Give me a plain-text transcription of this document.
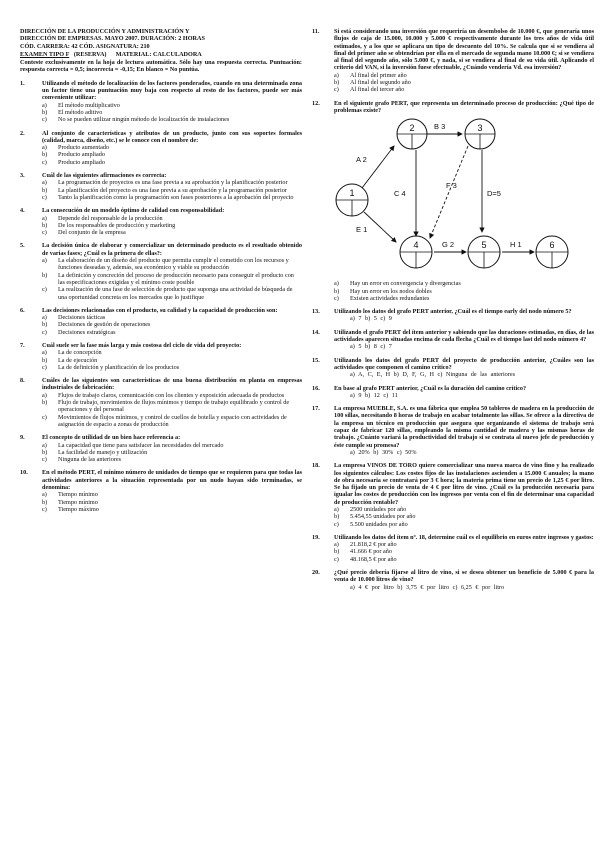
DIRECCIÓN DE LA PRODUCCIÓN Y ADMINISTRACIÓN Y
DIRECCIÓN DE EMPRESAS. MAYO 2007. DURACIÓN: 2 HORAS
CÓD. CARRERA: 42 CÓD. ASIGNATURA: 210
EXAMEN TIPO F (RESERVA) MATERIAL: CALCULADORA
Conteste exclusivamente en la hoja de lectura automática. Sólo hay una respuesta correcta. Puntuación: respuesta correcta = 0,5; incorrecta = -0,15; En blanco = No puntúa.
1.	Utilizando el método de localización de los factores ponderados, cuando en una determinada zona un factor tiene una puntuación muy baja con respecto al resto de los factores, puede ser más conveniente utilizar:
a) El método multiplicativo
b) El método aditivo
c) No se pueden utilizar ningún método de localización de instalaciones
2.	Al conjunto de características y atributos de un producto, junto con sus soportes formales (calidad, marca, diseño, etc.) se le conoce con el nombre de:
a) Producto aumentado
b) Producto ampliado
c) Producto ampliado
3.	Cuál de las siguientes afirmaciones es correcta:
a) La programación de proyectos es una fase previa a su aprobación y la planificación posterior
b) La planificación del proyecto es una fase previa a su aprobación y la programación posterior
c) Tanto la planificación como la programación son fases posteriores a la aprobación del proyecto
4.	La consecución de un modelo óptimo de calidad con responsabilidad:
a) Depende del responsable de la producción
b) De los responsables de producción y marketing
c) Del conjunto de la empresa
5.	La decisión única de elaborar y comercializar un determinado producto es el resultado obtenido de varias fases; ¿Cuál es la primera de ellas?:
a) La elaboración de un diseño del producto que permita cumplir el cometido con los recursos y funciones deseadas y, además, sea económico y viable su producción
b) La definición y concreción del proceso de producción necesario para conseguir el producto con las especificaciones exigidas y el mínimo coste posible
c) La realización de una fase de selección de producto que suponga una actividad de búsqueda de una oportunidad concreta en los mercados que lo justifique
6.	Las decisiones relacionadas con el producto, su calidad y la capacidad de producción son:
a) Decisiones tácticas
b) Decisiones de gestión de operaciones
c) Decisiones estratégicas
7.	Cuál suele ser la fase más larga y más costosa del ciclo de vida del proyecto:
a) La de concepción
b) La de ejecución
c) La de definición y planificación de los productos
8.	Cuáles de las siguientes son características de una buena distribución en planta en empresas industriales de fabricación:
a) Flujos de trabajo claros, comunicación con los clientes y exposición adecuada de productos
b) Flujo de trabajo, movimientos de flujos mínimos y tiempo de trabajo equilibrado y control de operaciones y del personal
c) Movimientos de flujos mínimos, y control de cuellos de botella y espacio con actividades de asignación de espacio a zonas de producción
9.	El concepto de utilidad de un bien hace referencia a:
a) La capacidad que tiene para satisfacer las necesidades del mercado
b) La facilidad de manejo y utilización
c) Ninguna de las anteriores
10. En el método PERT, el mínimo número de unidades de tiempo que se requieren para que todas las actividades anteriores a la situación representada por un nudo hayan sido terminadas, se denomina:
a) Tiempo mínimo
b) Tiempo mínimo
c) Tiempo máximo
11. Si está considerando una inversión que requeriría un desembolso de 10.000 €, que generaría unos flujos de caja de 15.000, 10.000 y 5.000 € respectivamente durante los tres años de vida útil estimados, y a los que se aplicara un tipo de descuento del 10%. Se calcula que si se vendiera al final del primer año se obtendrían por ella en el mercado de segunda mano 10.000 €; si se vendiera al final del segundo año, sólo 5.000 €, y nada, si se vendiera al final de su vida útil. Aplicando el criterio del VAN, si la inversión fuese efectuable, ¿Cuándo vendería Vd. esa inversión?
a) Al final del primer año
b) Al final del segundo año
c) Al final del tercer año
12. En el siguiente grafo PERT, que representa un determinado proceso de producción: ¿Qué tipo de problemas existe?
1
2	3
4	5	6
A 2
B 3
C 4	D=5
E 1
F 3
G 2	H 1
a) Hay un error en convergencia y divergencias
b) Hay un error en los nodos dobles
c) Existen actividades redundantes
13. Utilizando los datos del grafo PERT anterior, ¿Cuál es el tiempo early del nodo número 5?
a) 7 b) 5 c) 9
14. Utilizando el grafo PERT del ítem anterior y sabiendo que las duraciones estimadas, en días, de las actividades aparecen situadas encima de cada flecha ¿Cuál es el tiempo last del nodo número 4?
a) 5 b) 8 c) 7
15. Utilizando los datos del grafo PERT del proyecto de producción anterior, ¿Cuáles son las actividades que componen el camino crítico?
a) A, C, E, H b) D, F, G, H c) Ninguna de las anteriores
16. En base al grafo PERT anterior, ¿Cuál es la duración del camino crítico?
a) 9 b) 12 c) 11
17. La empresa MUEBLE, S.A. es una fábrica que emplea 50 tableros de madera en la producción de 100 sillas, necesitando 8 horas de trabajo en acabar totalmente las sillas. Se ofrece a la directiva de la empresa un técnico en producción que asegura que organizando el sistema de trabajo será capaz de fabricar 120 sillas, empleando la misma cantidad de madera y las mismas horas de trabajo. ¿Cuánto variará la productividad del trabajo si se contrata al nuevo jefe de producción y éste cumple su promesa?
a) 20% b) 30% c) 50%
18. La empresa VINOS DE TORO quiere comercializar una nueva marca de vino fino y ha realizado los siguientes cálculos: Los costes fijos de las instalaciones ascienden a 15.000 € anuales; la mano de obra necesaria se contratará por 3 € hora; la materia prima tiene un precio de 1,25 € por litro. Se ha fijado un precio de venta de 4 € por litro de vino. ¿Cuál es la producción necesaria para igualar los costes de producción con los ingresos por venta con el fin de determinar una capacidad de producción rentable?
a) 2500 unidades por año
b) 5.454,55 unidades por año
c) 5.500 unidades por año
19. Utilizando los datos del ítem nº. 18, determine cuál es el equilibrio en euros entre ingresos y gastos:
a) 21.818,2 € por año
b) 41.666 € por año
c) 48.168,5 € por año
20. ¿Qué precio debería fijarse al litro de vino, si se desea obtener un beneficio de 5.000 € para la venta de 10.000 litros de vino?
a) 4 € por litro b) 3,75 € por litro c) 6,25 € por litro
